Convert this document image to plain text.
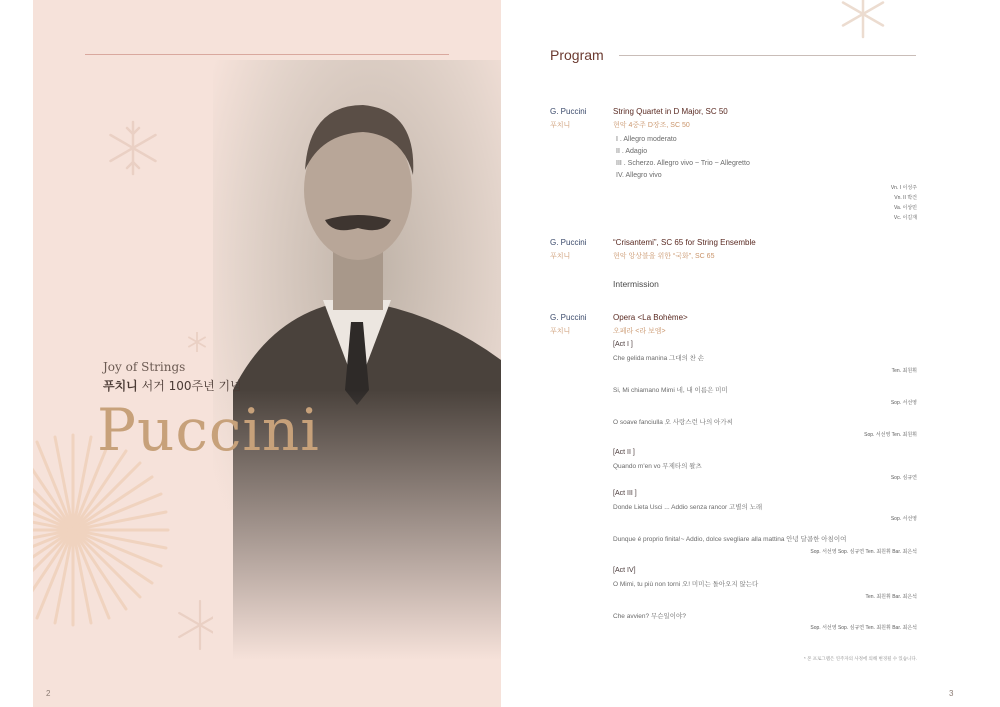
Joy of Strings
푸치니 서거 100주년 기념
Puccini
2
Program
G. Puccini
푸치니
String Quartet in D Major, SC 50
현악 4중주 D장조, SC 50
I . Allegro moderato
II . Adagio
III . Scherzo. Allegro vivo ~ Trio ~ Allegretto
IV. Allegro vivo
Vn. I 이성주
Vn. II 박건
Va. 이상민
Vc. 이길재
G. Puccini
푸치니
“Crisantemi”, SC 65 for String Ensemble
현악 앙상블을 위한 “국화”, SC 65
Intermission
G. Puccini
푸치니
Opera <La Bohème>
오페라 <라 보엠>
[Act I ]
Che gelida manina 그대의 찬 손
Ten. 최원휘
Si, Mi chiamano Mimi 네, 내 이름은 미미
Sop. 서선영
O soave fanciulla 오 사랑스런 나의 아가씨
Sop. 서선영 Ten. 최원휘
[Act II ]
Quando m'en vo 무제타의 왈츠
Sop. 심규연
[Act III ]
Donde Lieta Usci ... Addio senza rancor 고별의 노래
Sop. 서선영
Dunque é proprio finita!~ Addio, dolce svegliare alla mattina 안녕 달콤한 아침이여
Sop. 서선영 Sop. 심규연 Ten. 최원휘 Bar. 최은석
[Act IV]
O Mimi, tu più non torni 오! 미미는 돌아오지 않는다
Ten. 최원휘 Bar. 최은석
Che avvien? 무슨일이야?
Sop. 서선영 Sop. 심규연 Ten. 최원휘 Bar. 최은석
* 본 프로그램은 연주자의 사정에 의해 변경될 수 있습니다.
3
